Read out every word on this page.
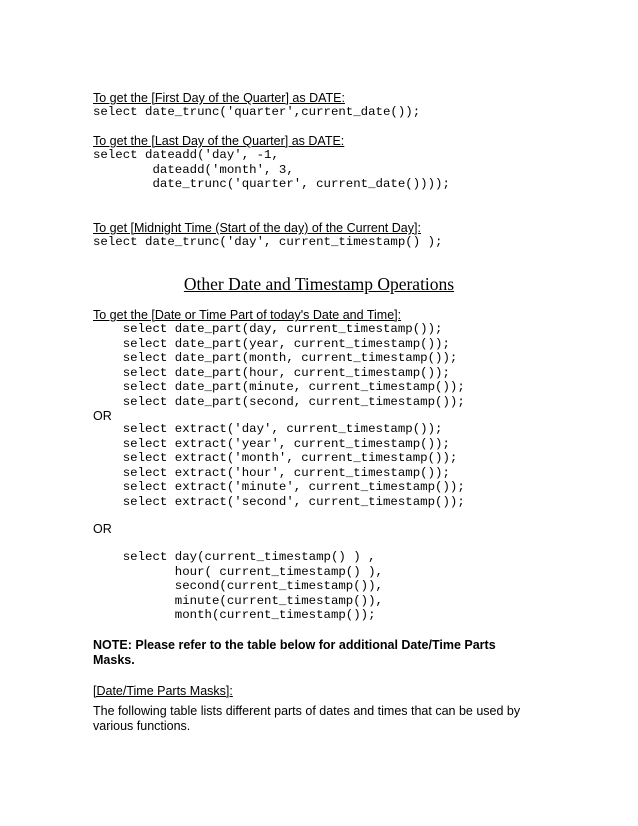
To get the [First Day of the Quarter] as DATE:
select date_trunc('quarter',current_date());
To get the [Last Day of the Quarter] as DATE:
select dateadd('day', -1,
dateadd('month', 3,
date_trunc('quarter', current_date())));
To get [Midnight Time (Start of the day) of the Current Day]:
select date_trunc('day', current_timestamp() );
Other Date and Timestamp Operations
To get the [Date or Time Part of today's Date and Time]:
select date_part(day, current_timestamp());
select date_part(year, current_timestamp());
select date_part(month, current_timestamp());
select date_part(hour, current_timestamp());
select date_part(minute, current_timestamp());
select date_part(second, current_timestamp());
OR
select extract('day', current_timestamp());
select extract('year', current_timestamp());
select extract('month', current_timestamp());
select extract('hour', current_timestamp());
select extract('minute', current_timestamp());
select extract('second', current_timestamp());
OR
select day(current_timestamp() ) ,
hour( current_timestamp() ),
second(current_timestamp()),
minute(current_timestamp()),
month(current_timestamp());
NOTE: Please refer to the table below for additional Date/Time Parts Masks.
[Date/Time Parts Masks]:
The following table lists different parts of dates and times that can be used by various functions.
